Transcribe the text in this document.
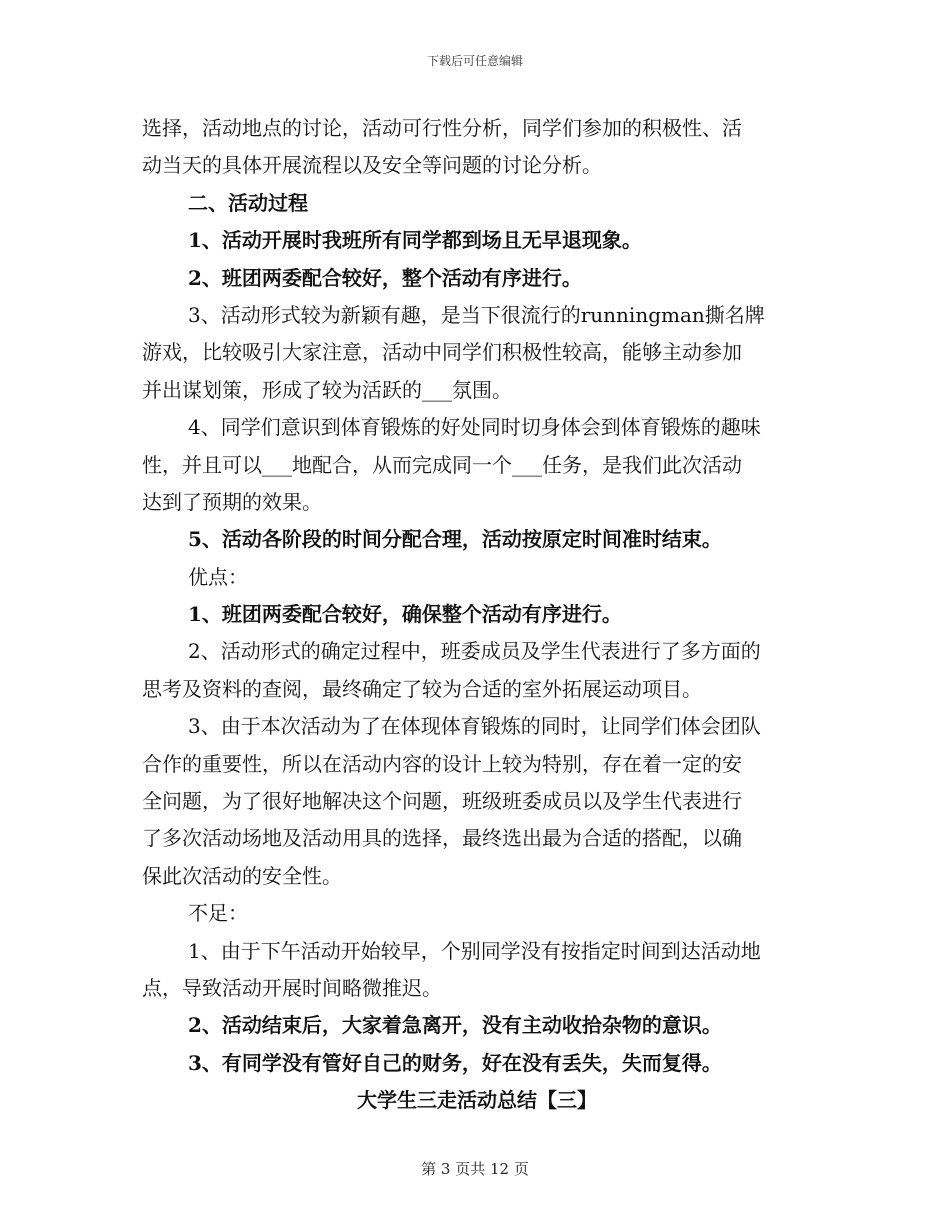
下载后可任意编辑
选择，活动地点的讨论，活动可行性分析，同学们参加的积极性、活
动当天的具体开展流程以及安全等问题的讨论分析。
二、活动过程
1、活动开展时我班所有同学都到场且无早退现象。
2、班团两委配合较好，整个活动有序进行。
3、活动形式较为新颖有趣，是当下很流行的runningman撕名牌
游戏，比较吸引大家注意，活动中同学们积极性较高，能够主动参加
并出谋划策，形成了较为活跃的___氛围。
4、同学们意识到体育锻炼的好处同时切身体会到体育锻炼的趣味
性，并且可以___地配合，从而完成同一个___任务，是我们此次活动
达到了预期的效果。
5、活动各阶段的时间分配合理，活动按原定时间准时结束。
优点：
1、班团两委配合较好，确保整个活动有序进行。
2、活动形式的确定过程中，班委成员及学生代表进行了多方面的
思考及资料的查阅，最终确定了较为合适的室外拓展运动项目。
3、由于本次活动为了在体现体育锻炼的同时，让同学们体会团队
合作的重要性，所以在活动内容的设计上较为特别，存在着一定的安
全问题，为了很好地解决这个问题，班级班委成员以及学生代表进行
了多次活动场地及活动用具的选择，最终选出最为合适的搭配，以确
保此次活动的安全性。
不足：
1、由于下午活动开始较早，个别同学没有按指定时间到达活动地
点，导致活动开展时间略微推迟。
2、活动结束后，大家着急离开，没有主动收拾杂物的意识。
3、有同学没有管好自己的财务，好在没有丢失，失而复得。
大学生三走活动总结【三】
第 3 页共 12 页
